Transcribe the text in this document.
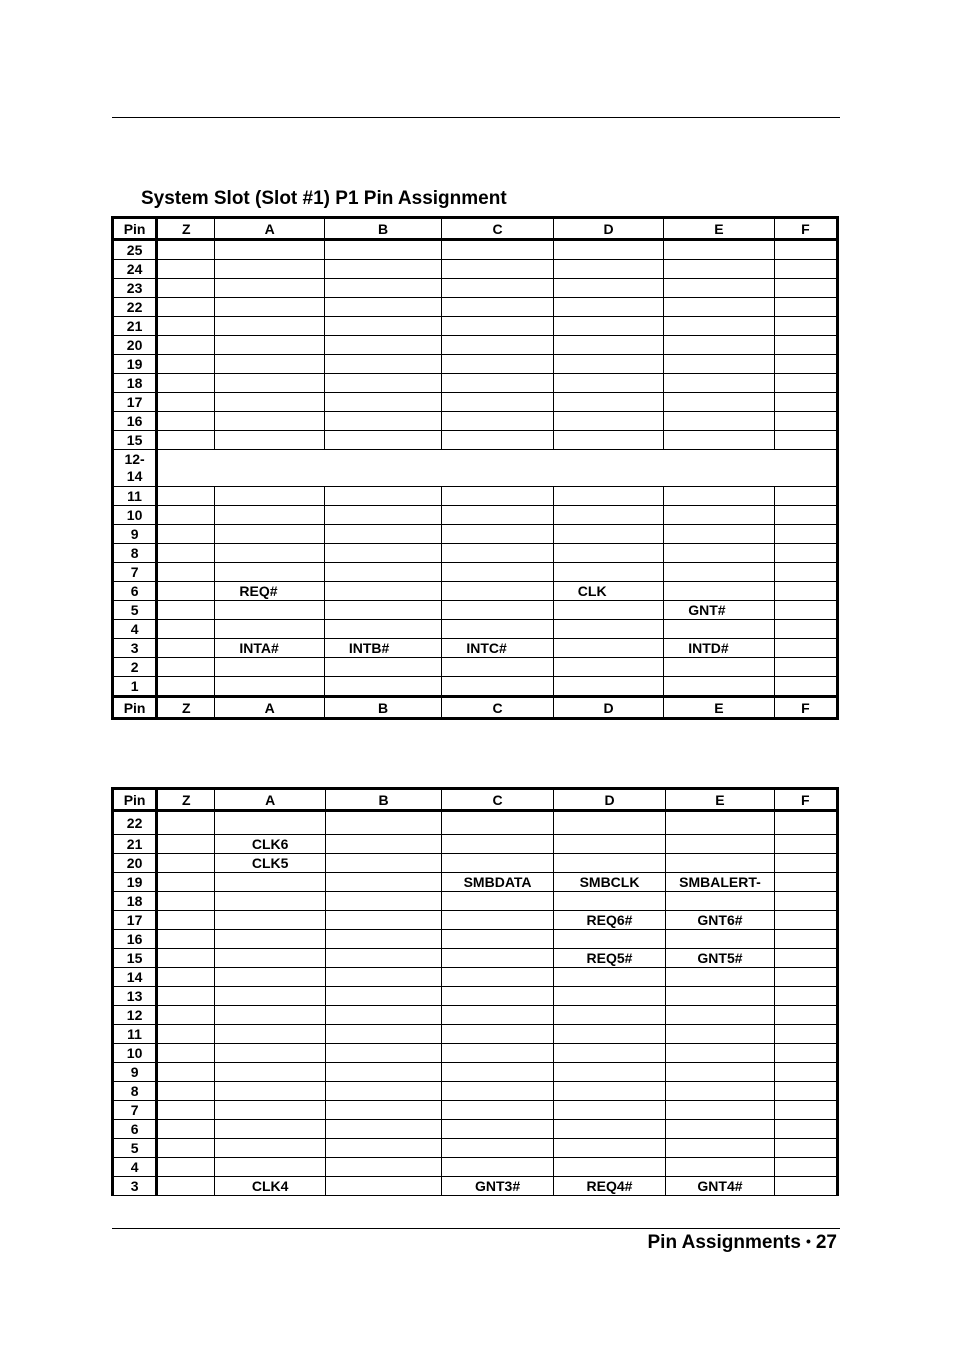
System Slot (Slot #1) P1 Pin Assignment
Pin	Z	A	B	C	D	E	F
25							
24							
23							
22							
21							
20							
19							
18							
17							
16							
15							
12-
14							
11							
10							
9							
8							
7							
6		REQ#			CLK		
5						GNT#	
4							
3		INTA#	INTB#	INTC#		INTD#	
2							
1							
Pin	Z	A	B	C	D	E	F
Pin	Z	A	B	C	D	E	F
22							
21		CLK6					
20		CLK5					
19				SMBDATA	SMBCLK	SMBALERT-	
18							
17					REQ6#	GNT6#	
16							
15					REQ5#	GNT5#	
14							
13							
12							
11							
10							
9							
8							
7							
6							
5							
4							
3		CLK4		GNT3#	REQ4#	GNT4#	
Pin Assignments • 27
